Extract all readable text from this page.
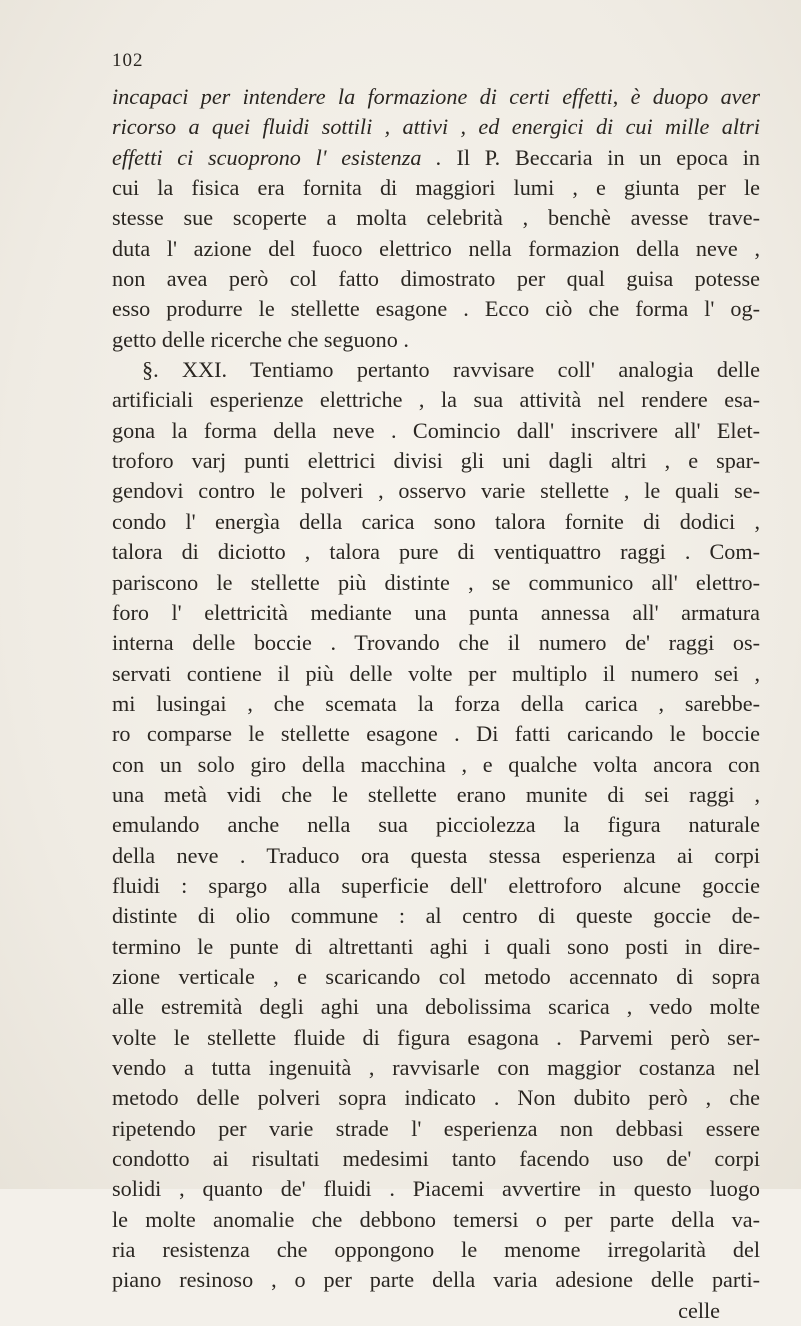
102
incapaci per intendere la formazione di certi effetti, è duopo aver
ricorso a quei fluidi sottili , attivi , ed energici di cui mille altri
effetti ci scuoprono l' esistenza . Il P. Beccaria in un epoca in
cui la fisica era fornita di maggiori lumi , e giunta per le
stesse sue scoperte a molta celebrità , benchè avesse trave-
duta l' azione del fuoco elettrico nella formazion della neve ,
non avea però col fatto dimostrato per qual guisa potesse
esso produrre le stellette esagone . Ecco ciò che forma l' og-
getto delle ricerche che seguono .
§. XXI. Tentiamo pertanto ravvisare coll' analogia delle
artificiali esperienze elettriche , la sua attività nel rendere esa-
gona la forma della neve . Comincio dall' inscrivere all' Elet-
troforo varj punti elettrici divisi gli uni dagli altri , e spar-
gendovi contro le polveri , osservo varie stellette , le quali se-
condo l' energìa della carica sono talora fornite di dodici ,
talora di diciotto , talora pure di ventiquattro raggi . Com-
pariscono le stellette più distinte , se communico all' elettro-
foro l' elettricità mediante una punta annessa all' armatura
interna delle boccie . Trovando che il numero de' raggi os-
servati contiene il più delle volte per multiplo il numero sei ,
mi lusingai , che scemata la forza della carica , sarebbe-
ro comparse le stellette esagone . Di fatti caricando le boccie
con un solo giro della macchina , e qualche volta ancora con
una metà vidi che le stellette erano munite di sei raggi ,
emulando anche nella sua picciolezza la figura naturale
della neve . Traduco ora questa stessa esperienza ai corpi
fluidi : spargo alla superficie dell' elettroforo alcune goccie
distinte di olio commune : al centro di queste goccie de-
termino le punte di altrettanti aghi i quali sono posti in dire-
zione verticale , e scaricando col metodo accennato di sopra
alle estremità degli aghi una debolissima scarica , vedo molte
volte le stellette fluide di figura esagona . Parvemi però ser-
vendo a tutta ingenuità , ravvisarle con maggior costanza nel
metodo delle polveri sopra indicato . Non dubito però , che
ripetendo per varie strade l' esperienza non debbasi essere
condotto ai risultati medesimi tanto facendo uso de' corpi
solidi , quanto de' fluidi . Piacemi avvertire in questo luogo
le molte anomalie che debbono temersi o per parte della va-
ria resistenza che oppongono le menome irregolarità del
piano resinoso , o per parte della varia adesione delle parti-
celle
